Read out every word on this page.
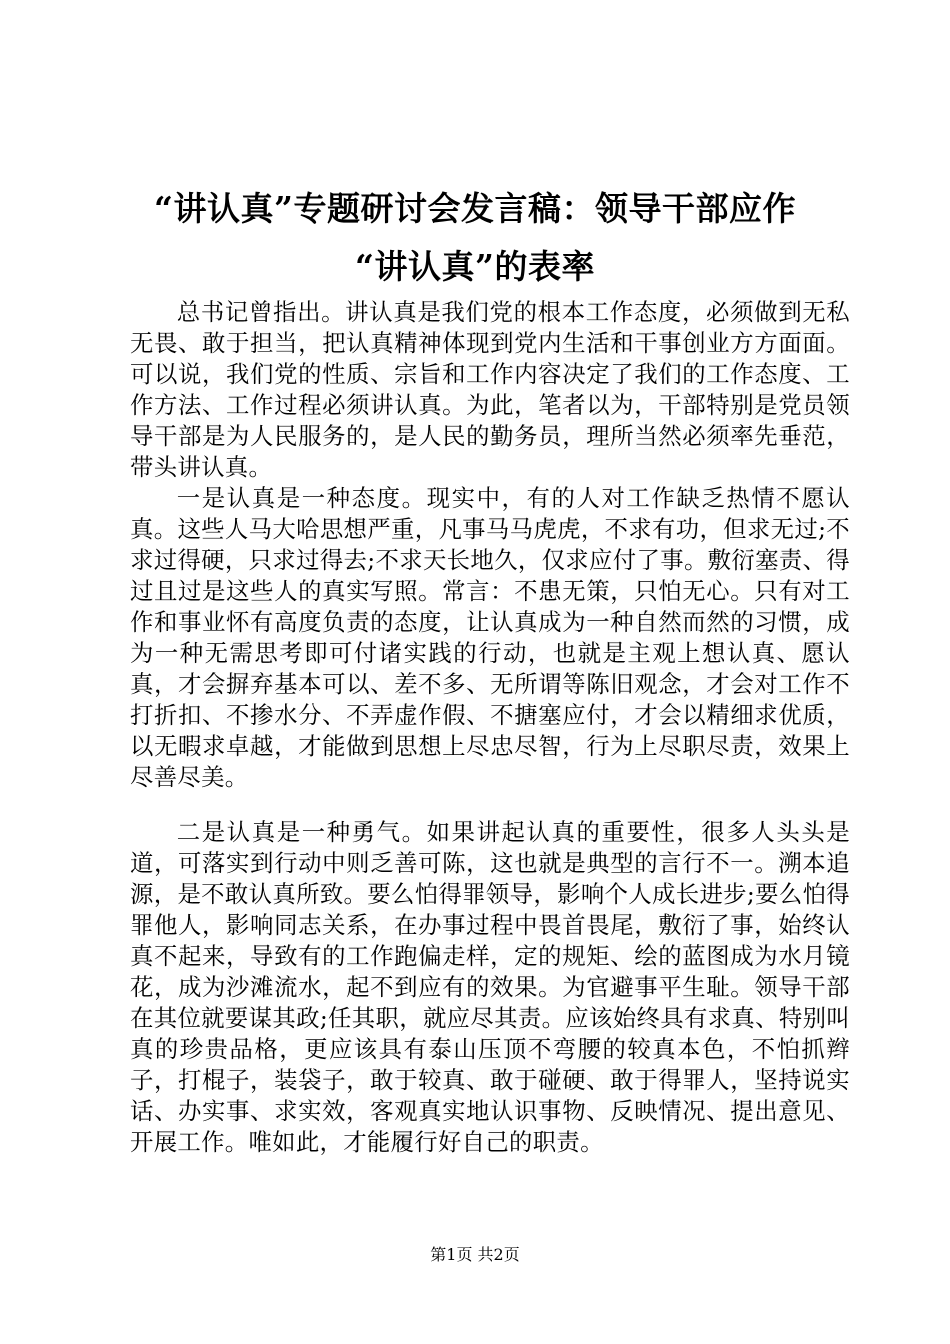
“讲认真”专题研讨会发言稿：领导干部应作
“讲认真”的表率

总书记曾指出。讲认真是我们党的根本工作态度，必须做到无私无畏、敢于担当，把认真精神体现到党内生活和干事创业方方面面。可以说，我们党的性质、宗旨和工作内容决定了我们的工作态度、工作方法、工作过程必须讲认真。为此，笔者以为，干部特别是党员领导干部是为人民服务的，是人民的勤务员，理所当然必须率先垂范，带头讲认真。

一是认真是一种态度。现实中，有的人对工作缺乏热情不愿认真。这些人马大哈思想严重，凡事马马虎虎，不求有功，但求无过;不求过得硬，只求过得去;不求天长地久，仅求应付了事。敷衍塞责、得过且过是这些人的真实写照。常言：不患无策，只怕无心。只有对工作和事业怀有高度负责的态度，让认真成为一种自然而然的习惯，成为一种无需思考即可付诸实践的行动，也就是主观上想认真、愿认真，才会摒弃基本可以、差不多、无所谓等陈旧观念，才会对工作不打折扣、不掺水分、不弄虚作假、不搪塞应付，才会以精细求优质，以无暇求卓越，才能做到思想上尽忠尽智，行为上尽职尽责，效果上尽善尽美。

二是认真是一种勇气。如果讲起认真的重要性，很多人头头是道，可落实到行动中则乏善可陈，这也就是典型的言行不一。溯本追源，是不敢认真所致。要么怕得罪领导，影响个人成长进步;要么怕得罪他人，影响同志关系，在办事过程中畏首畏尾，敷衍了事，始终认真不起来，导致有的工作跑偏走样，定的规矩、绘的蓝图成为水月镜花，成为沙滩流水，起不到应有的效果。为官避事平生耻。领导干部在其位就要谋其政;任其职，就应尽其责。应该始终具有求真、特别叫真的珍贵品格，更应该具有泰山压顶不弯腰的较真本色，不怕抓辫子，打棍子，装袋子，敢于较真、敢于碰硬、敢于得罪人，坚持说实话、办实事、求实效，客观真实地认识事物、反映情况、提出意见、开展工作。唯如此，才能履行好自己的职责。

第1页 共2页
